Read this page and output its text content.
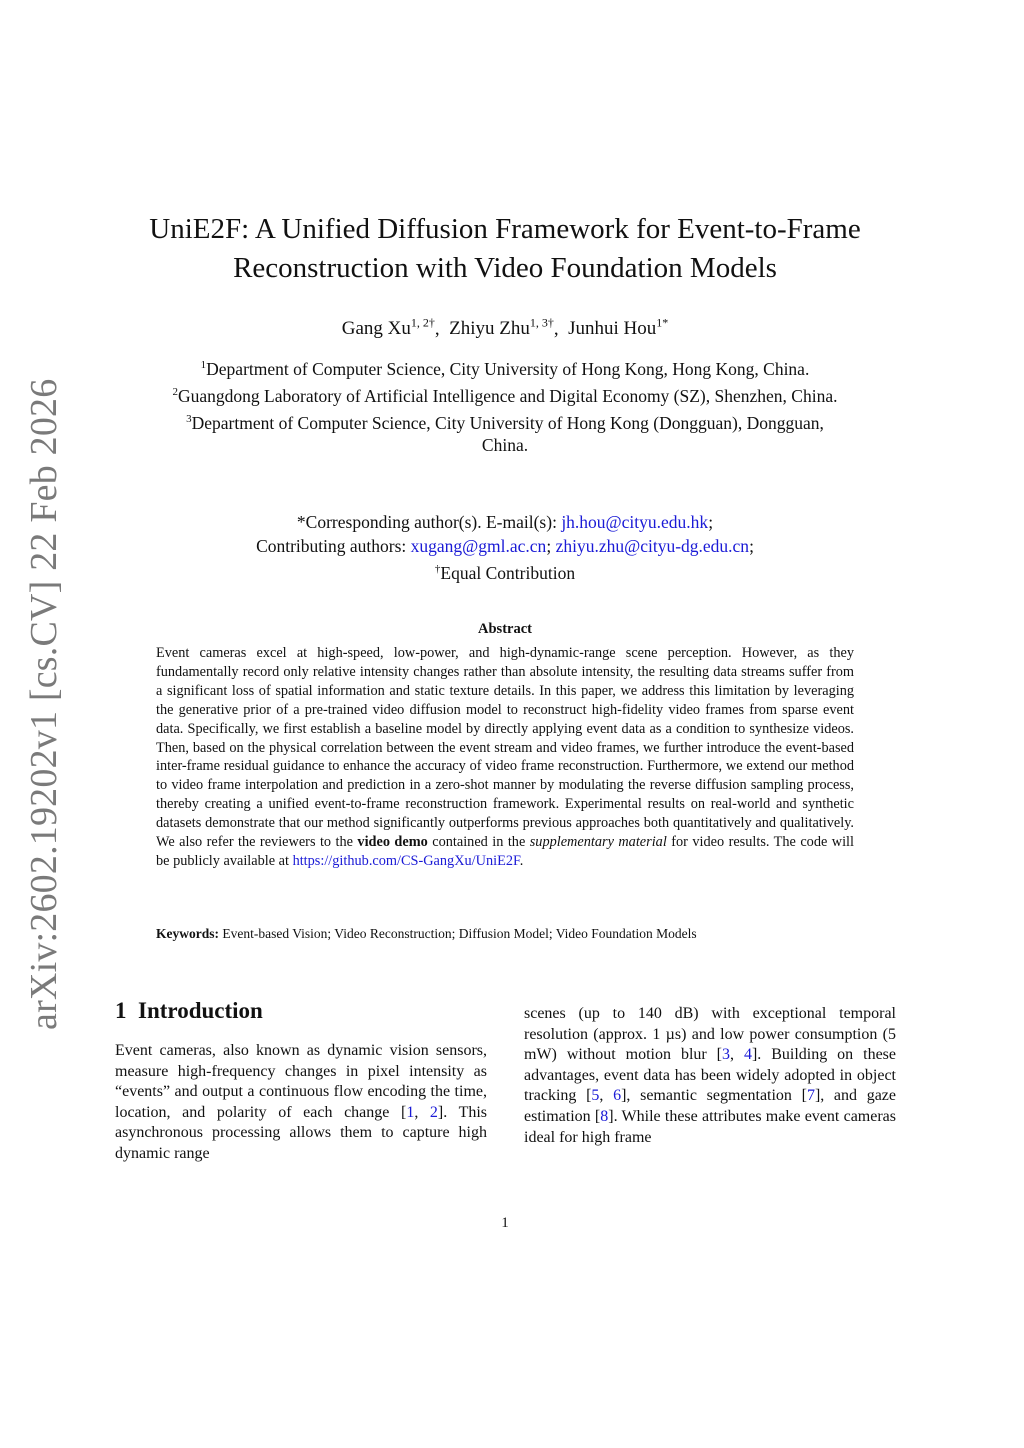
arXiv:2602.19202v1 [cs.CV] 22 Feb 2026
UniE2F: A Unified Diffusion Framework for Event-to-Frame
Reconstruction with Video Foundation Models
Gang $Xu^{1, 2\dagger}$,  Zhiyu Zhu$^{1, 3\dagger}$,  Junhui Hou$^{1*}$
$^1$Department of Computer Science, City University of Hong Kong, Hong Kong, China.
$^2$Guangdong Laboratory of Artificial Intelligence and Digital Economy (SZ), Shenzhen, China.
$^3$Department of Computer Science, City University of Hong Kong (Dongguan), Dongguan, China.
*Corresponding author(s). E-mail(s): jh.hou@cityu.edu.hk;
Contributing authors: xugang@gml.ac.cn; zhiyu.zhu@cityu-dg.edu.cn;
†Equal Contribution
Abstract
Event cameras excel at high-speed, low-power, and high-dynamic-range scene perception. However, as they fundamentally record only relative intensity changes rather than absolute intensity, the resulting data streams suffer from a significant loss of spatial information and static texture details. In this paper, we address this limitation by leveraging the generative prior of a pre-trained video diffusion model to reconstruct high-fidelity video frames from sparse event data. Specifically, we first establish a baseline model by directly applying event data as a condition to synthesize videos. Then, based on the physical correlation between the event stream and video frames, we further introduce the event-based inter-frame residual guidance to enhance the accuracy of video frame reconstruction. Furthermore, we extend our method to video frame interpolation and prediction in a zero-shot manner by modulating the reverse diffusion sampling process, thereby creating a unified event-to-frame reconstruction framework. Experimental results on real-world and synthetic datasets demonstrate that our method significantly outperforms previous approaches both quantitatively and qualitatively. We also refer the reviewers to the video demo contained in the supplementary material for video results. The code will be publicly available at https://github.com/CS-GangXu/UniE2F.
Keywords: Event-based Vision; Video Reconstruction; Diffusion Model; Video Foundation Models
1 Introduction
Event cameras, also known as dynamic vision sensors, measure high-frequency changes in pixel intensity as “events” and output a continuous flow encoding the time, location, and polarity of each change [1, 2]. This asynchronous processing allows them to capture high dynamic range
scenes (up to 140 dB) with exceptional temporal resolution (approx. 1 µs) and low power consumption (5 mW) without motion blur [3, 4]. Building on these advantages, event data has been widely adopted in object tracking [5, 6], semantic segmentation [7], and gaze estimation [8]. While these attributes make event cameras ideal for high frame
1
